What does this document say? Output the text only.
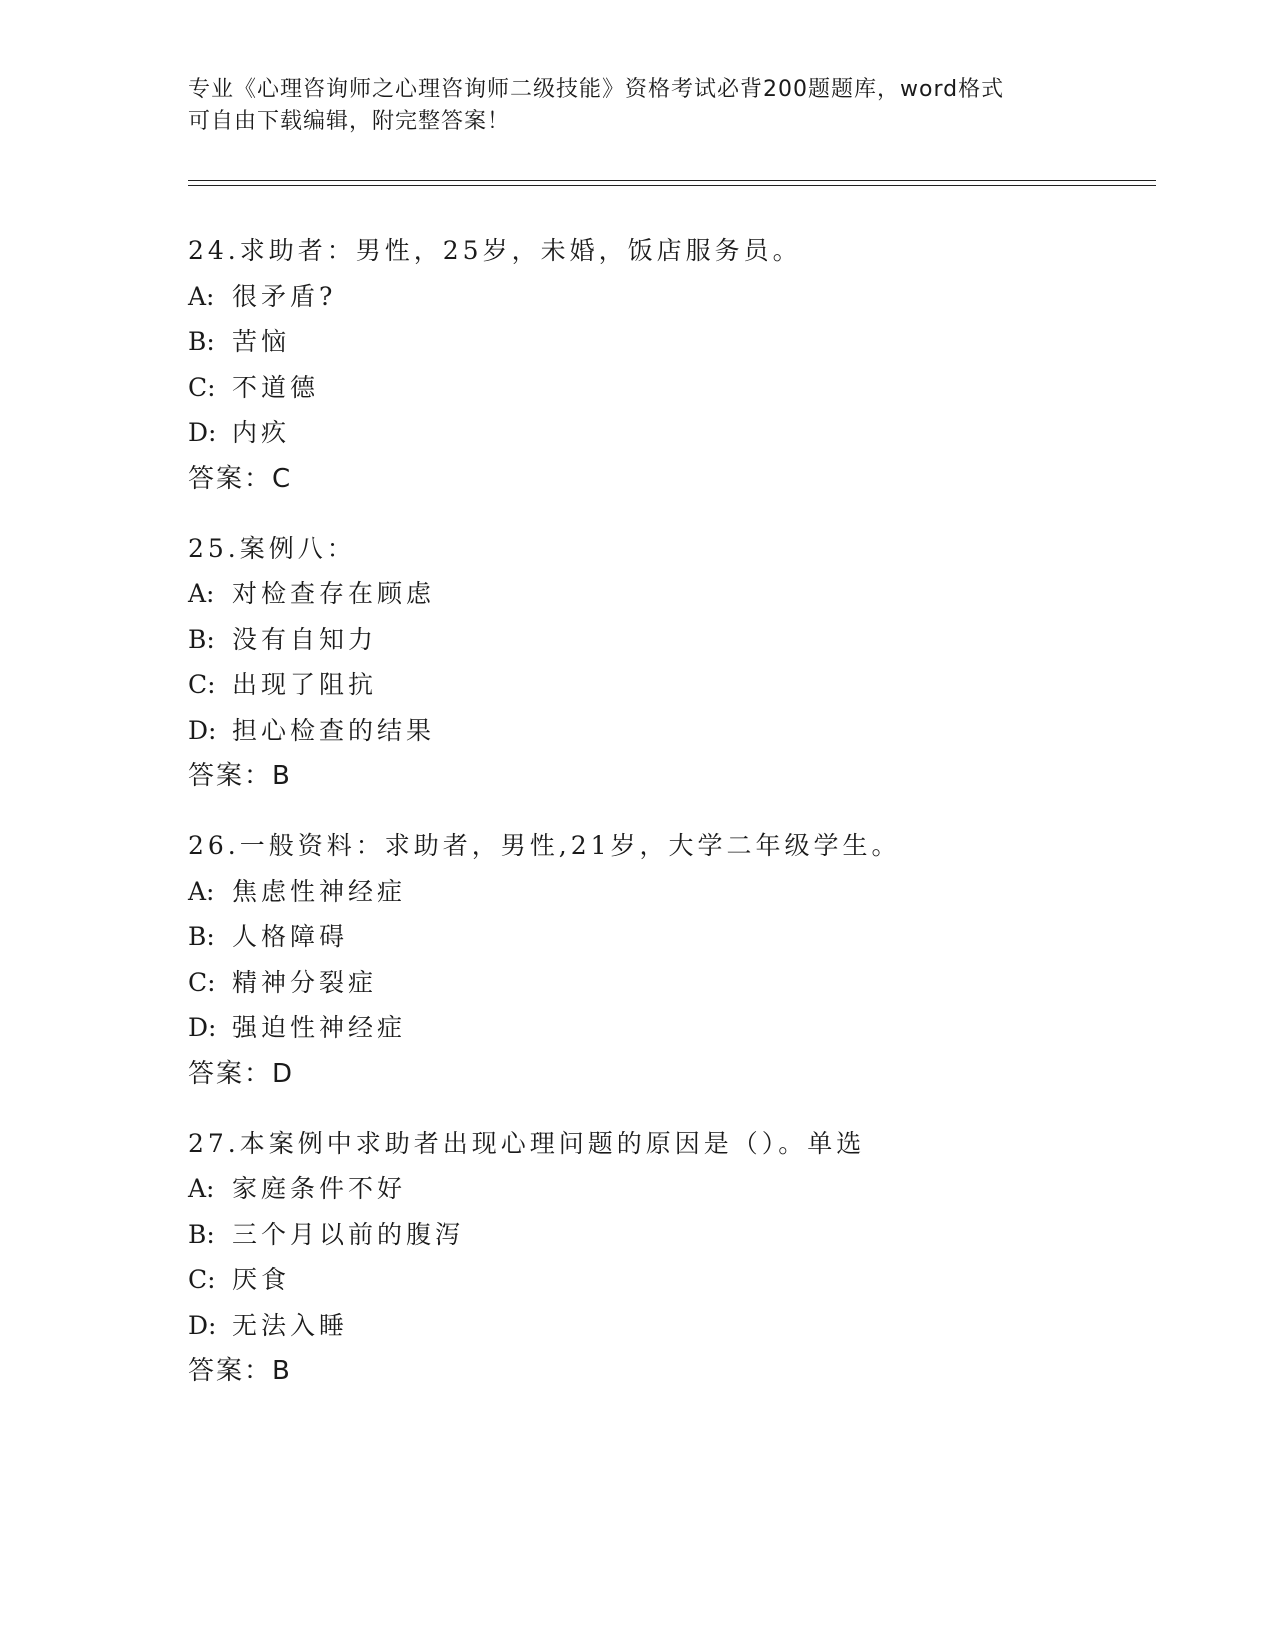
专业《心理咨询师之心理咨询师二级技能》资格考试必背200题题库，word格式
可自由下载编辑，附完整答案！
24.求助者：男性，25岁，未婚，饭店服务员。
A: 很矛盾?
B: 苦恼
C: 不道德
D: 内疚
答案：C
25.案例八：
A: 对检查存在顾虑
B: 没有自知力
C: 出现了阻抗
D: 担心检查的结果
答案：B
26.一般资料：求助者，男性,21岁，大学二年级学生。
A: 焦虑性神经症
B: 人格障碍
C: 精神分裂症
D: 强迫性神经症
答案：D
27.本案例中求助者出现心理问题的原因是（）。单选
A: 家庭条件不好
B: 三个月以前的腹泻
C: 厌食
D: 无法入睡
答案：B
